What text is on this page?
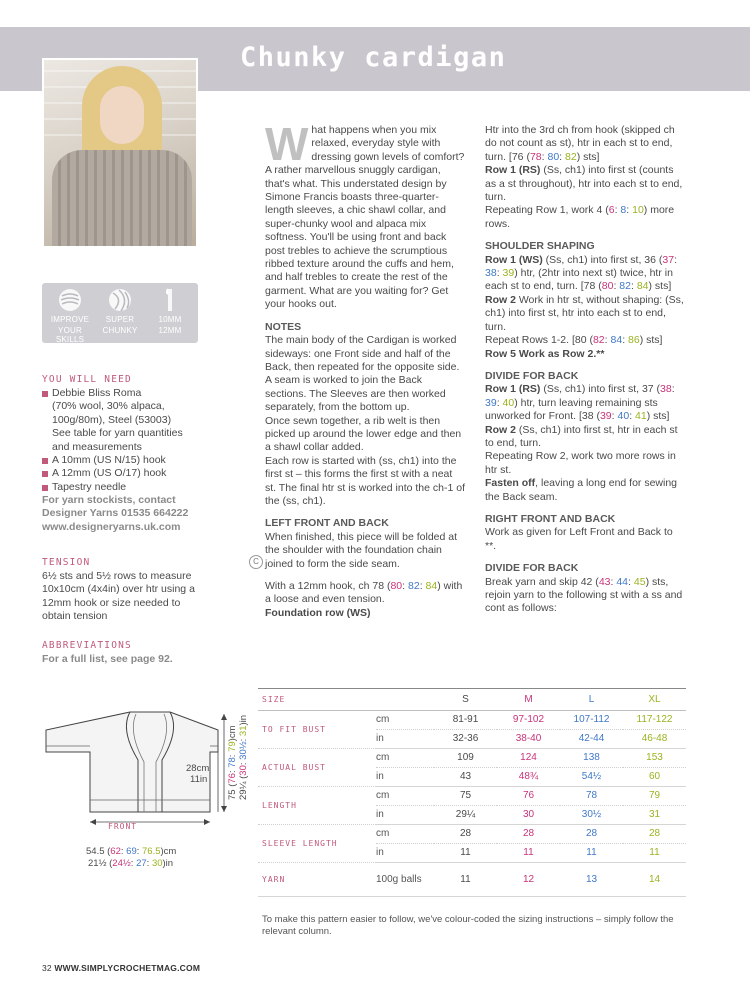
Chunky cardigan
IMPROVE
YOUR SKILLS
SUPER
CHUNKY
10MM
12MM
YOU WILL NEED
Debbie Bliss Roma
(70% wool, 30% alpaca,
100g/80m), Steel (53003)
See table for yarn quantities
and measurements
A 10mm (US N/15) hook
A 12mm (US O/17) hook
Tapestry needle
For yarn stockists, contact
Designer Yarns 01535 664222
www.designeryarns.uk.com
TENSION
6½ sts and 5½ rows to measure
10x10cm (4x4in) over htr using a
12mm hook or size needed to
obtain tension
ABBREVIATIONS
For a full list, see page 92.
28cm
11in
75 (76: 78: 79)cm
29¼ (30: 30½: 31)in
FRONT
54.5 (62: 69: 76.5)cm
21½ (24½: 27: 30)in

What happens when you mix relaxed, everyday style with dressing gown levels of comfort? A rather marvellous snuggly cardigan, that's what. This understated design by Simone Francis boasts three-quarter-length sleeves, a chic shawl collar, and super-chunky wool and alpaca mix softness. You'll be using front and back post trebles to achieve the scrumptious ribbed texture around the cuffs and hem, and half trebles to create the rest of the garment. What are you waiting for? Get your hooks out.

NOTES

The main body of the Cardigan is worked sideways: one Front side and half of the Back, then repeated for the opposite side.

A seam is worked to join the Back sections. The Sleeves are then worked separately, from the bottom up.

Once sewn together, a rib welt is then picked up around the lower edge and then a shawl collar added.

Each row is started with (ss, ch1) into the first st – this forms the first st with a neat st. The final htr st is worked into the ch-1 of the (ss, ch1).

LEFT FRONT AND BACK

When finished, this piece will be folded at the shoulder with the foundation chain joined to form the side seam.

With a 12mm hook, ch 78 (80: 82: 84) with a loose and even tension.

Foundation row (WS)

C

Htr into the 3rd ch from hook (skipped ch do not count as st), htr in each st to end, turn. [76 (78: 80: 82) sts]

Row 1 (RS) (Ss, ch1) into first st (counts as a st throughout), htr into each st to end, turn.

Repeating Row 1, work 4 (6: 8: 10) more rows.

SHOULDER SHAPING

Row 1 (WS) (Ss, ch1) into first st, 36 (37: 38: 39) htr, (2htr into next st) twice, htr in each st to end, turn. [78 (80: 82: 84) sts]

Row 2 Work in htr st, without shaping: (Ss, ch1) into first st, htr into each st to end, turn.

Repeat Rows 1-2. [80 (82: 84: 86) sts]

Row 5 Work as Row 2.**

DIVIDE FOR BACK

Row 1 (RS) (Ss, ch1) into first st, 37 (38: 39: 40) htr, turn leaving remaining sts unworked for Front. [38 (39: 40: 41) sts]

Row 2 (Ss, ch1) into first st, htr in each st to end, turn.

Repeating Row 2, work two more rows in htr st.

Fasten off, leaving a long end for sewing the Back seam.

RIGHT FRONT AND BACK

Work as given for Left Front and Back to **.

DIVIDE FOR BACK

Break yarn and skip 42 (43: 44: 45) sts, rejoin yarn to the following st with a ss and cont as follows:

SIZE		S	M	L	XL
TO FIT BUST	cm	81-91	97-102	107-112	117-122
	in	32-36	38-40	42-44	46-48
ACTUAL BUST	cm	109	124	138	153
	in	43	48¾	54½	60
LENGTH	cm	75	76	78	79
	in	29¼	30	30½	31
SLEEVE LENGTH	cm	28	28	28	28
	in	11	11	11	11
YARN	100g balls	11	12	13	14
To make this pattern easier to follow, we've colour-coded the sizing instructions – simply follow the relevant column.
32 WWW.SIMPLYCROCHETMAG.COM
